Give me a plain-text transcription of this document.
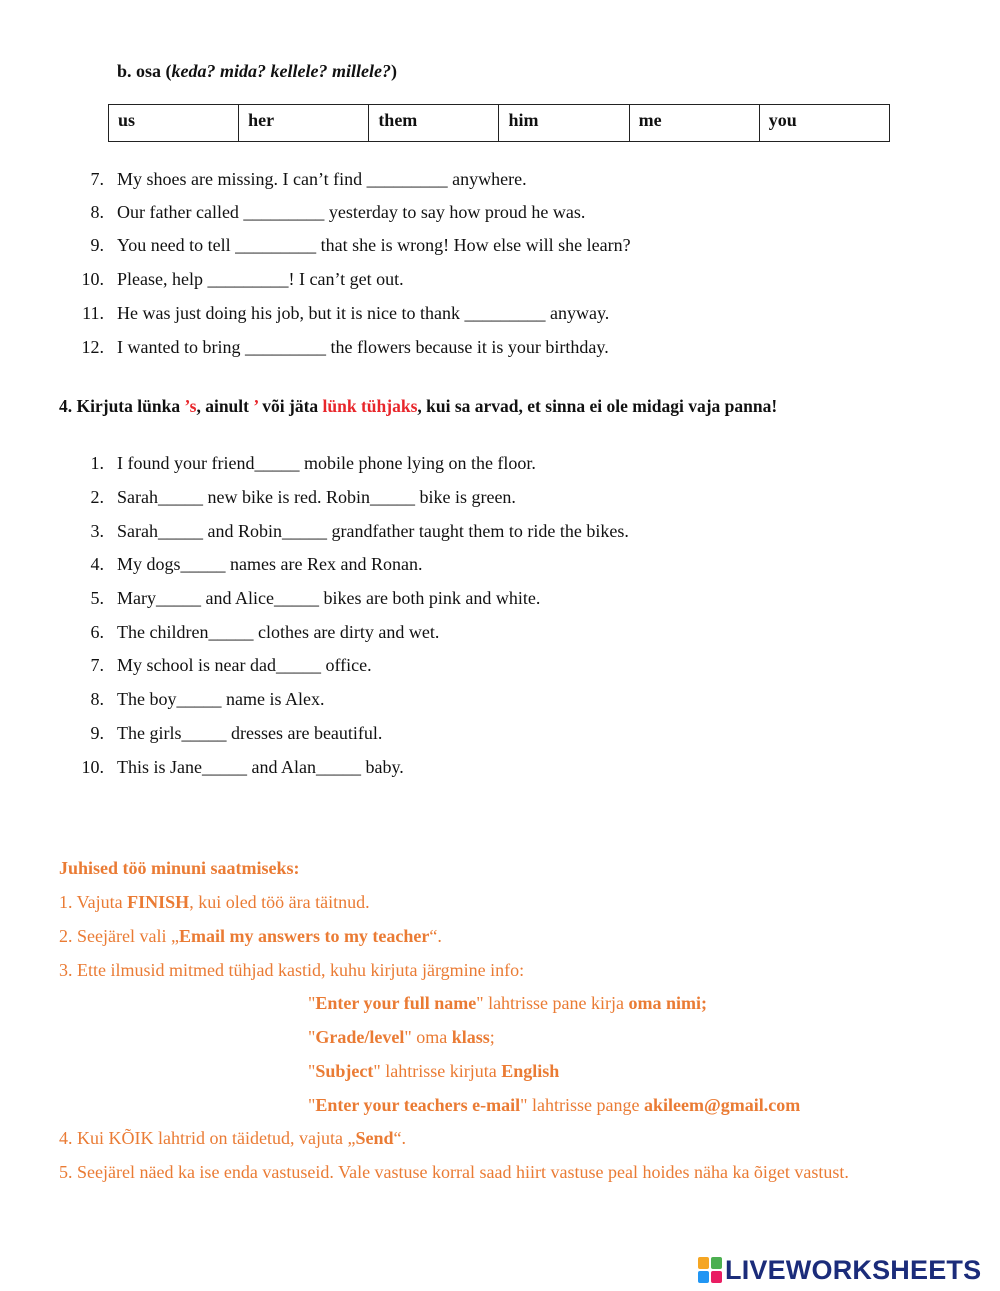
b. osa (keda? mida? kellele? millele?)
us	her	them	him	me	you
7. My shoes are missing. I can’t find _________ anywhere.
8. Our father called _________ yesterday to say how proud he was.
9. You need to tell _________ that she is wrong! How else will she learn?
10. Please, help _________! I can’t get out.
11. He was just doing his job, but it is nice to thank _________ anyway.
12. I wanted to bring _________ the flowers because it is your birthday.
4. Kirjuta lünka ’s, ainult ’ või jäta lünk tühjaks, kui sa arvad, et sinna ei ole midagi vaja panna!
1. I found your friend_____ mobile phone lying on the floor.
2. Sarah_____ new bike is red. Robin_____ bike is green.
3. Sarah_____ and Robin_____ grandfather taught them to ride the bikes.
4. My dogs_____ names are Rex and Ronan.
5. Mary_____ and Alice_____ bikes are both pink and white.
6. The children_____ clothes are dirty and wet.
7. My school is near dad_____ office.
8. The boy_____ name is Alex.
9. The girls_____ dresses are beautiful.
10. This is Jane_____ and Alan_____ baby.
Juhised töö minuni saatmiseks:
1. Vajuta FINISH, kui oled töö ära täitnud.
2. Seejärel vali „Email my answers to my teacher“.
3. Ette ilmusid mitmed tühjad kastid, kuhu kirjuta järgmine info:
"Enter your full name" lahtrisse pane kirja oma nimi;
"Grade/level" oma klass;
"Subject" lahtrisse kirjuta English
"Enter your teachers e-mail" lahtrisse pange akileem@gmail.com
4. Kui KÕIK lahtrid on täidetud, vajuta „Send“.
5. Seejärel näed ka ise enda vastuseid. Vale vastuse korral saad hiirt vastuse peal hoides näha ka õiget vastust.
LIVEWORKSHEETS
